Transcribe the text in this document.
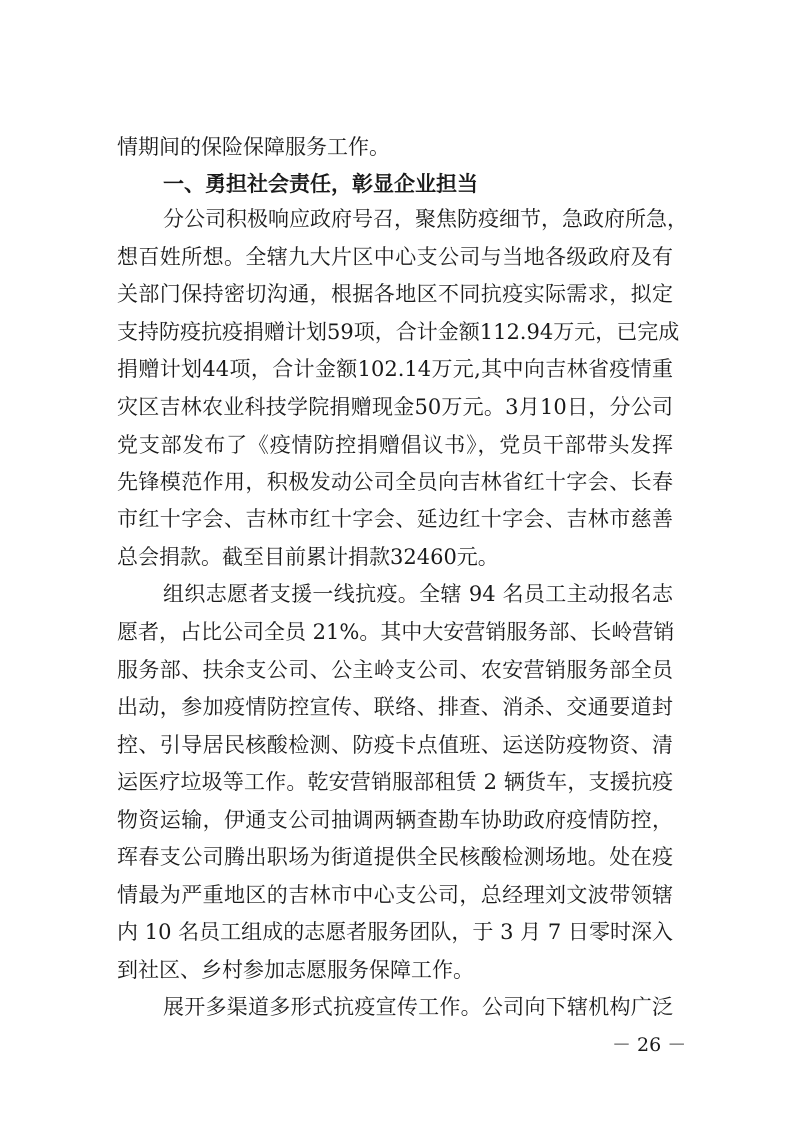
情期间的保险保障服务工作。
一、勇担社会责任，彰显企业担当
分公司积极响应政府号召，聚焦防疫细节，急政府所急，
想百姓所想。全辖九大片区中心支公司与当地各级政府及有
关部门保持密切沟通，根据各地区不同抗疫实际需求，拟定
支持防疫抗疫捐赠计划59项，合计金额112.94万元，已完成
捐赠计划44项，合计金额102.14万元,其中向吉林省疫情重
灾区吉林农业科技学院捐赠现金50万元。3月10日，分公司
党支部发布了《疫情防控捐赠倡议书》，党员干部带头发挥
先锋模范作用，积极发动公司全员向吉林省红十字会、长春
市红十字会、吉林市红十字会、延边红十字会、吉林市慈善
总会捐款。截至目前累计捐款32460元。
组织志愿者支援一线抗疫。全辖 94 名员工主动报名志
愿者，占比公司全员 21%。其中大安营销服务部、长岭营销
服务部、扶余支公司、公主岭支公司、农安营销服务部全员
出动，参加疫情防控宣传、联络、排查、消杀、交通要道封
控、引导居民核酸检测、防疫卡点值班、运送防疫物资、清
运医疗垃圾等工作。乾安营销服部租赁 2 辆货车，支援抗疫
物资运输，伊通支公司抽调两辆查勘车协助政府疫情防控，
珲春支公司腾出职场为街道提供全民核酸检测场地。处在疫
情最为严重地区的吉林市中心支公司，总经理刘文波带领辖
内 10 名员工组成的志愿者服务团队，于 3 月 7 日零时深入
到社区、乡村参加志愿服务保障工作。
展开多渠道多形式抗疫宣传工作。公司向下辖机构广泛
－ 26 －
